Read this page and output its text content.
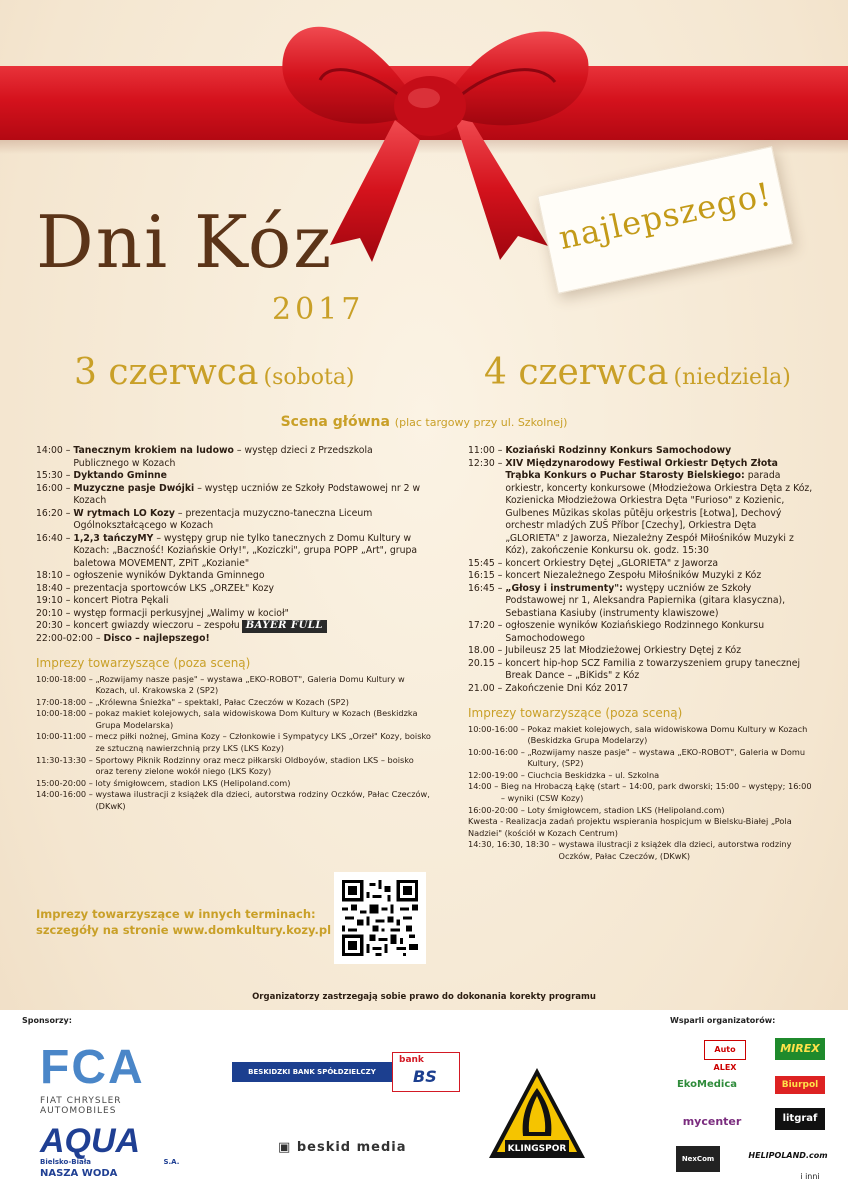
najlepszego!
Dni Kóz
2017
3 czerwca (sobota)	4 czerwca (niedziela)
Scena główna (plac targowy przy ul. Szkolnej)
14:00 – Tanecznym krokiem na ludowo – występ dzieci z Przedszkola Publicznego w Kozach
15:30 – Dyktando Gminne
16:00 – Muzyczne pasje Dwójki – występ uczniów ze Szkoły Podstawowej nr 2 w Kozach
16:20 – W rytmach LO Kozy – prezentacja muzyczno-taneczna Liceum Ogólnokształcącego w Kozach
16:40 – 1,2,3 tańczyMY – występy grup nie tylko tanecznych z Domu Kultury w Kozach: „Baczność! Koziańskie Orły!", „Koziczki", grupa POPP „Art", grupa baletowa MOVEMENT, ZPiT „Kozianie"
18:10 – ogłoszenie wyników Dyktanda Gminnego
18:40 – prezentacja sportowców LKS „ORZEŁ" Kozy
19:10 – koncert Piotra Pękali
20:10 – występ formacji perkusyjnej „Walimy w kocioł"
20:30 – koncert gwiazdy wieczoru – zespołu BAYER FULL
22:00-02:00 – Disco – najlepszego!
Imprezy towarzyszące (poza sceną)
10:00-18:00 – „Rozwijamy nasze pasje" – wystawa „EKO-ROBOT", Galeria Domu Kultury w Kozach, ul. Krakowska 2 (SP2)
17:00-18:00 – „Królewna Śnieżka" – spektakl, Pałac Czeczów w Kozach (SP2)
10:00-18:00 – pokaz makiet kolejowych, sala widowiskowa Dom Kultury w Kozach (Beskidzka Grupa Modelarska)
10:00-11:00 – mecz piłki nożnej, Gmina Kozy – Członkowie i Sympatycy LKS „Orzeł" Kozy, boisko ze sztuczną nawierzchnią przy LKS (LKS Kozy)
11:30-13:30 – Sportowy Piknik Rodzinny oraz mecz piłkarski Oldboyów, stadion LKS – boisko oraz tereny zielone wokół niego (LKS Kozy)
15:00-20:00 – loty śmigłowcem, stadion LKS (Helipoland.com)
14:00-16:00 – wystawa ilustracji z książek dla dzieci, autorstwa rodziny Oczków, Pałac Czeczów, (DKwK)
11:00 – Koziański Rodzinny Konkurs Samochodowy
12:30 – XIV Międzynarodowy Festiwal Orkiestr Dętych Złota Trąbka Konkurs o Puchar Starosty Bielskiego: parada orkiestr, koncerty konkursowe (Młodzieżowa Orkiestra Dęta z Kóz, Kozienicka Młodzieżowa Orkiestra Dęta "Furioso" z Kozienic, Gulbenes Mūzikas skolas pūtēju orķestris [Łotwa], Dechový orchestr mladých ZUŠ Příbor [Czechy], Orkiestra Dęta „GLORIETA" z Jaworza, Niezależny Zespół Miłośników Muzyki z Kóz), zakończenie Konkursu ok. godz. 15:30
15:45 – koncert Orkiestry Dętej „GLORIETA" z Jaworza
16:15 – koncert Niezależnego Zespołu Miłośników Muzyki z Kóz
16:45 – „Głosy i instrumenty": występy uczniów ze Szkoły Podstawowej nr 1, Aleksandra Papiernika (gitara klasyczna), Sebastiana Kasiuby (instrumenty klawiszowe)
17:20 – ogłoszenie wyników Koziańskiego Rodzinnego Konkursu Samochodowego
18.00 – Jubileusz 25 lat Młodzieżowej Orkiestry Dętej z Kóz
20.15 – koncert hip-hop SCZ Familia z towarzyszeniem grupy tanecznej Break Dance – „BiKids" z Kóz
21.00 – Zakończenie Dni Kóz 2017
Imprezy towarzyszące (poza sceną)
10:00-16:00 – Pokaz makiet kolejowych, sala widowiskowa Domu Kultury w Kozach (Beskidzka Grupa Modelarzy)
10:00-16:00 – „Rozwijamy nasze pasje" – wystawa „EKO-ROBOT", Galeria w Domu Kultury, (SP2)
12:00-19:00 – Ciuchcia Beskidzka – ul. Szkolna
14:00 – Bieg na Hrobaczą Łąkę (start – 14:00, park dworski; 15:00 – występy; 16:00 – wyniki (CSW Kozy)
16:00-20:00 – Loty śmigłowcem, stadion LKS (Helipoland.com)
Kwesta - Realizacja zadań projektu wspierania hospicjum w Bielsku-Białej „Pola Nadziei" (kościół w Kozach Centrum)
14:30, 16:30, 18:30 – wystawa ilustracji z książek dla dzieci, autorstwa rodziny Oczków, Pałac Czeczów, (DKwK)
Imprezy towarzyszące w innych terminach:
szczegóły na stronie www.domkultury.kozy.pl
Organizatorzy zastrzegają sobie prawo do dokonania korekty programu
Sponsorzy:	Wsparli organizatorów:
FCA
FIAT CHRYSLER AUTOMOBILES
BESKIDZKI BANK SPÓŁDZIELCZY
bank
BS
KLINGSPOR
AQUA
Bielsko-Biała	S.A.
NASZA WODA
▣ beskid media
Auto ALEX
MIREX
EkoMedica	Biurpol
mycenter	litgraf
NexCom	HELIPOLAND.com
i inni
